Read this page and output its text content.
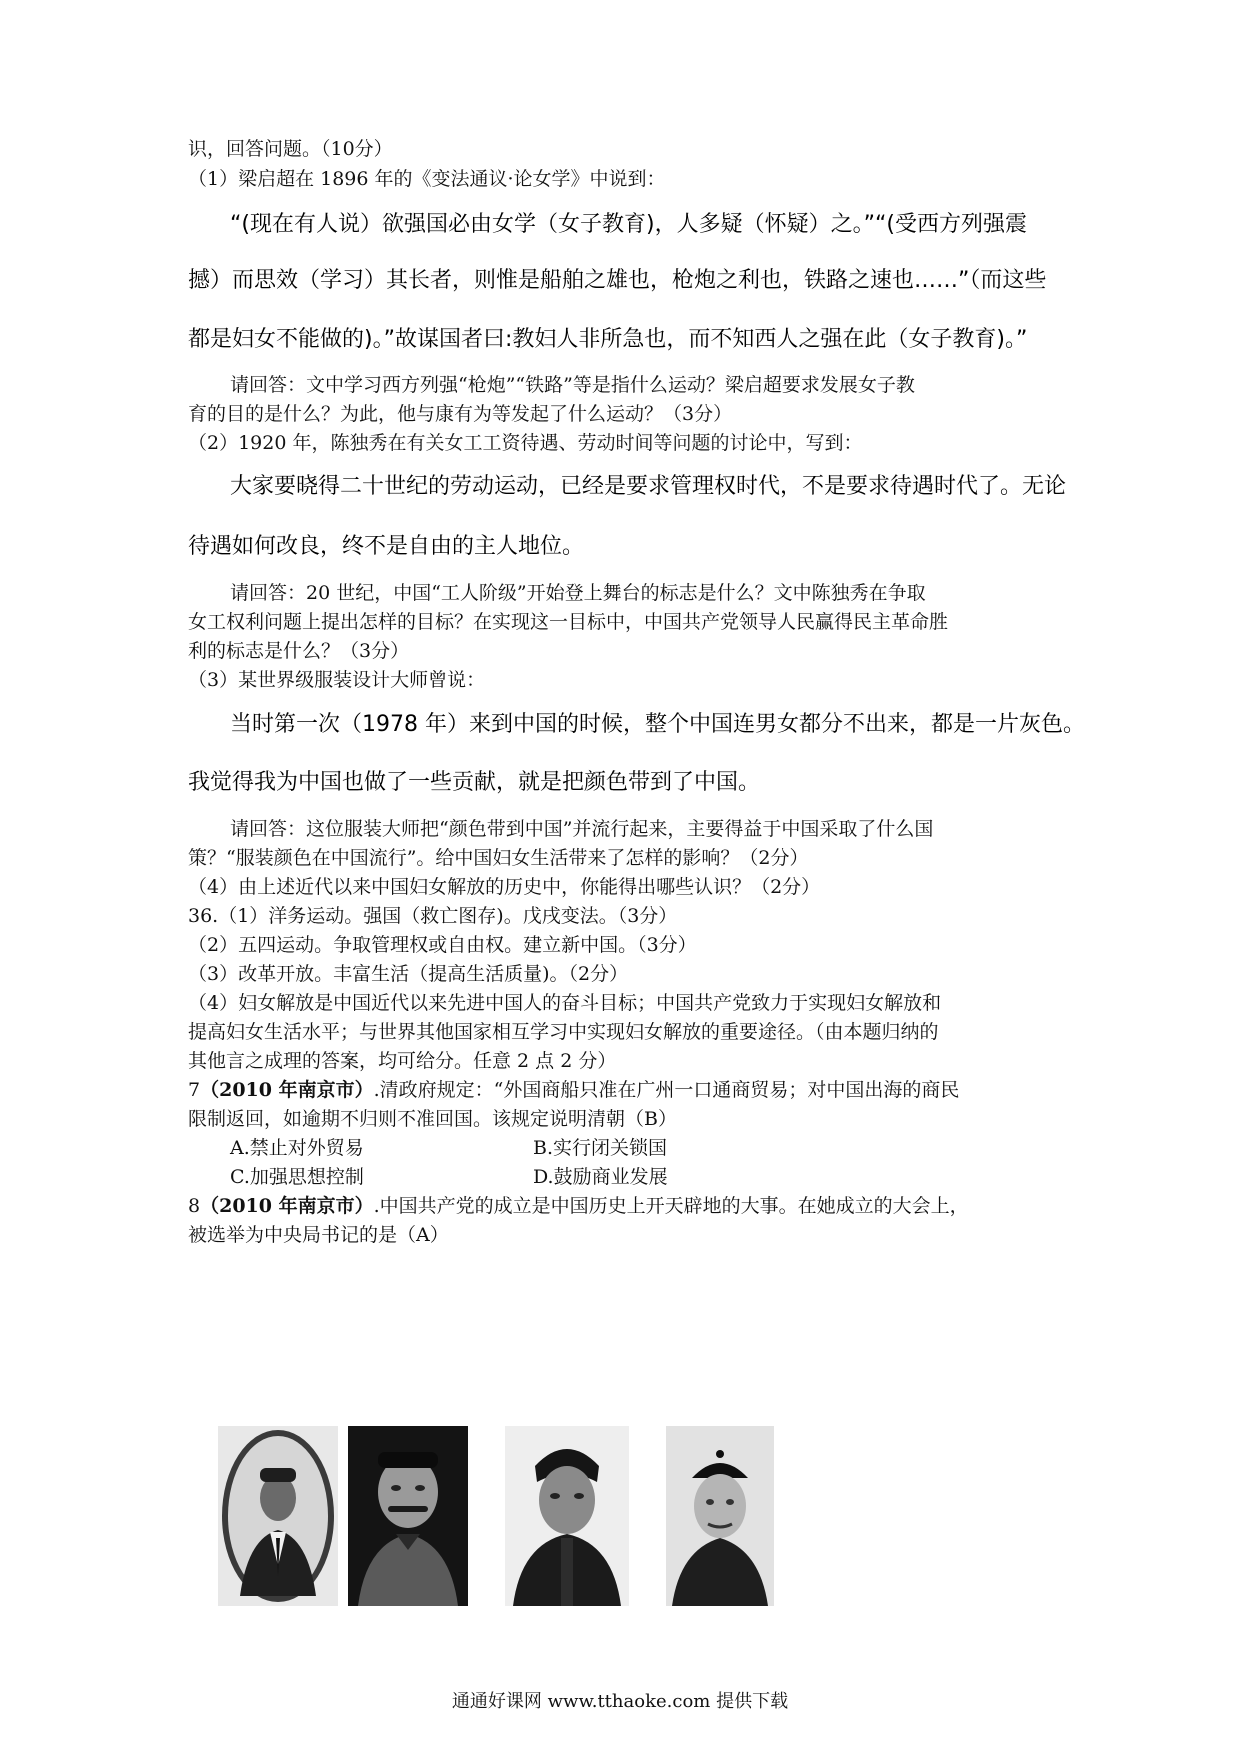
识，回答问题。（10分）
（1）梁启超在 1896 年的《变法通议·论女学》中说到：
“(现在有人说）欲强国必由女学（女子教育)，人多疑（怀疑）之。”“(受西方列强震
撼）而思效（学习）其长者，则惟是船舶之雄也，枪炮之利也，铁路之速也……”（而这些
都是妇女不能做的)。”故谋国者曰:教妇人非所急也，而不知西人之强在此（女子教育)。”
请回答：文中学习西方列强“枪炮”“铁路”等是指什么运动？梁启超要求发展女子教
育的目的是什么？为此，他与康有为等发起了什么运动？（3分）
（2）1920 年，陈独秀在有关女工工资待遇、劳动时间等问题的讨论中，写到：
大家要晓得二十世纪的劳动运动，已经是要求管理权时代，不是要求待遇时代了。无论
待遇如何改良，终不是自由的主人地位。
请回答：20 世纪，中国“工人阶级”开始登上舞台的标志是什么？文中陈独秀在争取
女工权利问题上提出怎样的目标？在实现这一目标中，中国共产党领导人民赢得民主革命胜
利的标志是什么？（3分）
（3）某世界级服装设计大师曾说：
当时第一次（1978 年）来到中国的时候，整个中国连男女都分不出来，都是一片灰色。
我觉得我为中国也做了一些贡献，就是把颜色带到了中国。
请回答：这位服装大师把“颜色带到中国”并流行起来，主要得益于中国采取了什么国
策？“服装颜色在中国流行”。给中国妇女生活带来了怎样的影响？（2分）
（4）由上述近代以来中国妇女解放的历史中，你能得出哪些认识？（2分）
36.（1）洋务运动。强国（救亡图存)。戊戌变法。（3分）
（2）五四运动。争取管理权或自由权。建立新中国。（3分）
（3）改革开放。丰富生活（提高生活质量)。（2分）
（4）妇女解放是中国近代以来先进中国人的奋斗目标；中国共产党致力于实现妇女解放和
提高妇女生活水平；与世界其他国家相互学习中实现妇女解放的重要途径。（由本题归纳的
其他言之成理的答案，均可给分。任意 2 点 2 分）
7（2010 年南京市）.清政府规定：“外国商船只准在广州一口通商贸易；对中国出海的商民
限制返回，如逾期不归则不准回国。该规定说明清朝（B）
A.禁止对外贸易	B.实行闭关锁国
C.加强思想控制	D.鼓励商业发展
8（2010 年南京市）.中国共产党的成立是中国历史上开天辟地的大事。在她成立的大会上，
被选举为中央局书记的是（A）
通通好课网 www.tthaoke.com 提供下载
